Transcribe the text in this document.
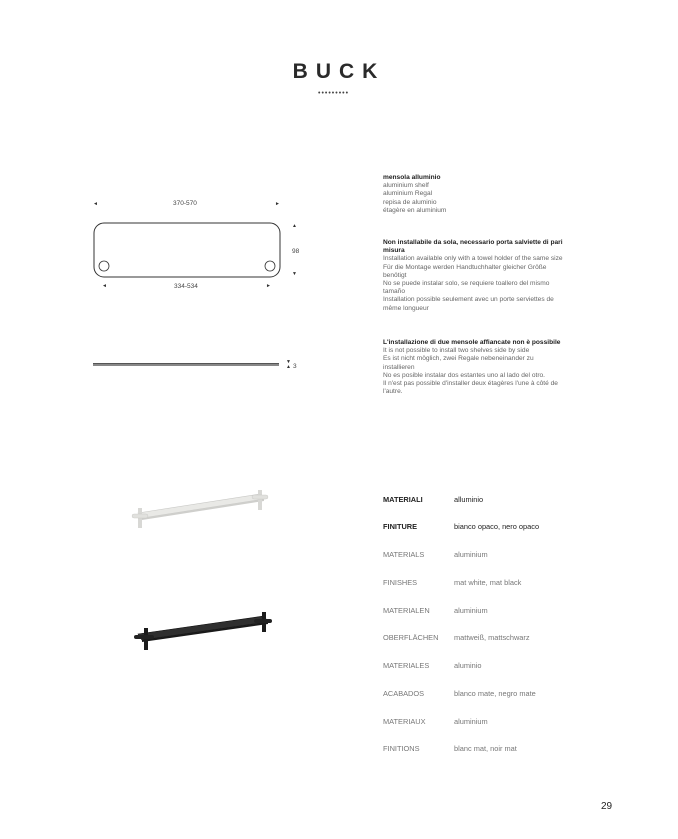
BUCK
•••••••••
◄	370-570	►
▲
98
▼
◄	334-534	►
▼
▲ 3
mensola alluminio
aluminium shelf
aluminium Regal
repisa de aluminio
étagère en aluminium
Non installabile da sola, necessario porta salviette di pari misura
Installation available only with a towel holder of the same size
Für die Montage werden Handtuchhalter gleicher Größe benötigt
No se puede instalar solo, se requiere toallero del mismo tamaño
Installation possible seulement avec un porte serviettes de même longueur
L'installazione di due mensole affiancate non è possibile
It is not possible to install two shelves side by side
Es ist nicht möglich, zwei Regale nebeneinander zu installieren
No es posible instalar dos estantes uno al lado del otro.
Il n'est pas possible d'installer deux étagères l'une à côté de l'autre.
MATERIALI	alluminio
FINITURE	bianco opaco, nero opaco
MATERIALS	aluminium
FINISHES	mat white, mat black
MATERIALEN	aluminium
OBERFLÄCHEN	mattweiß, mattschwarz
MATERIALES	aluminio
ACABADOS	blanco mate, negro mate
MATERIAUX	aluminium
FINITIONS	blanc mat, noir mat
29
